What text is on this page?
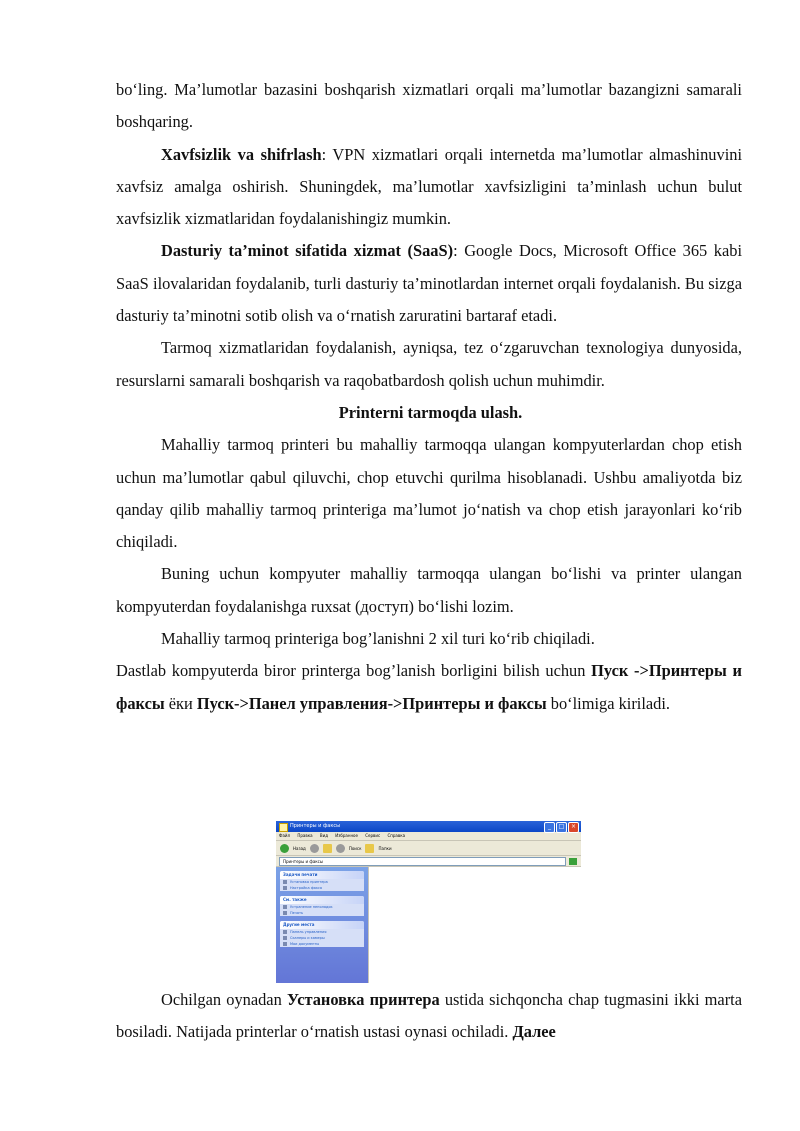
bo‘ling. Ma’lumotlar bazasini boshqarish xizmatlari orqali ma’lumotlar bazangizni samarali boshqaring.

Xavfsizlik va shifrlash: VPN xizmatlari orqali internetda ma’lumotlar almashinuvini xavfsiz amalga oshirish. Shuningdek, ma’lumotlar xavfsizligini ta’minlash uchun bulut xavfsizlik xizmatlaridan foydalanishingiz mumkin.

Dasturiy ta’minot sifatida xizmat (SaaS): Google Docs, Microsoft Office 365 kabi SaaS ilovalaridan foydalanib, turli dasturiy ta’minotlardan internet orqali foydalanish. Bu sizga dasturiy ta’minotni sotib olish va o‘rnatish zaruratini bartaraf etadi.

Tarmoq xizmatlaridan foydalanish, ayniqsa, tez o‘zgaruvchan texnologiya dunyosida, resurslarni samarali boshqarish va raqobatbardosh qolish uchun muhimdir.

Printerni tarmoqda ulash.

Mahalliy tarmoq printeri bu mahalliy tarmoqqa ulangan kompyuterlardan chop etish uchun ma’lumotlar qabul qiluvchi, chop etuvchi qurilma hisoblanadi. Ushbu amaliyotda biz qanday qilib mahalliy tarmoq printeriga ma’lumot jo‘natish va chop etish jarayonlari ko‘rib chiqiladi.

Buning uchun kompyuter mahalliy tarmoqqa ulangan bo‘lishi va printer ulangan kompyuterdan foydalanishga ruxsat (доступ) bo‘lishi lozim.

Mahalliy tarmoq printeriga bog’lanishni 2 xil turi ko‘rib chiqiladi.

Dastlab kompyuterda biror printerga bog’lanish borligini bilish uchun Пуск ->Принтеры и факсы ёки Пуск->Панел управления->Принтеры и факсы bo‘limiga kiriladi.

Принтеры и факсы	_	□	×
Файл Правка Вид Избранное Сервис Справка
Назад	Поиск	Папки
Принтеры и факсы
Задачи печати
Установка принтера
Настройка факса
См. также
Устранение неполадок
Печать
Другие места
Панель управления
Сканеры и камеры
Мои документы

Ochilgan oynadan Установка принтера ustida sichqoncha chap tugmasini ikki marta bosiladi. Natijada printerlar o‘rnatish ustasi oynasi ochiladi. Далее
